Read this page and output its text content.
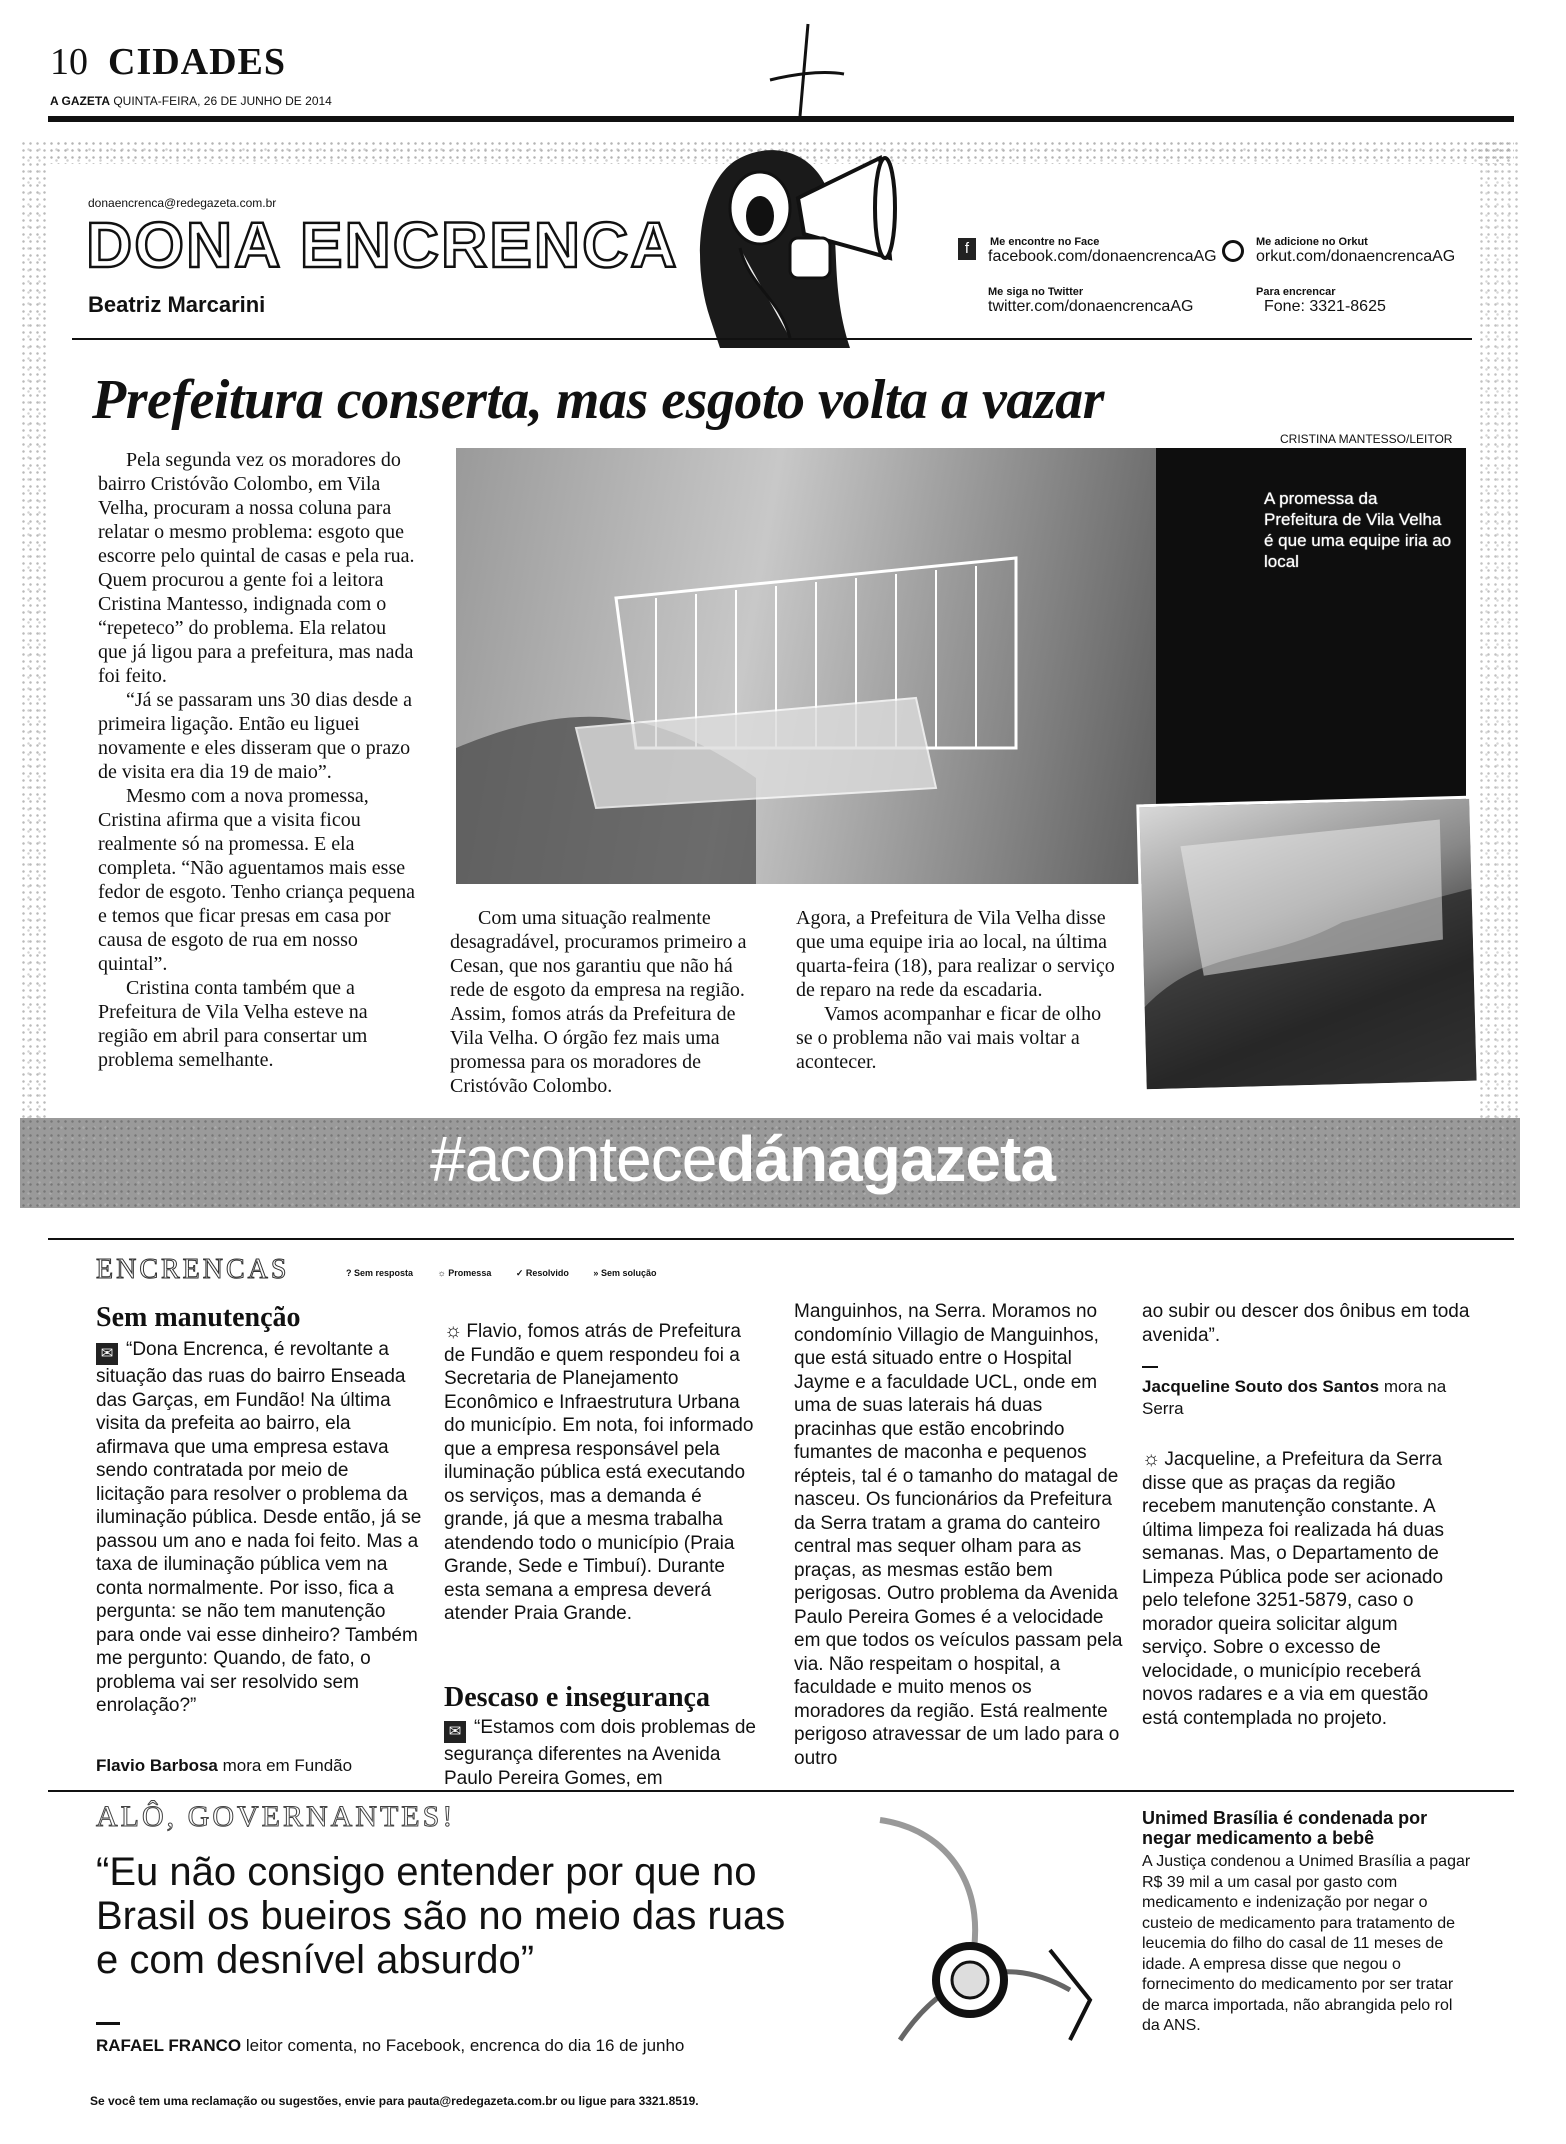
10 CIDADES
A GAZETA QUINTA-FEIRA, 26 DE JUNHO DE 2014
donaencrenca@redegazeta.com.br
DONA ENCRENCA
Beatriz Marcarini
f	Me encontre no Face
facebook.com/donaencrencaAG
Me siga no Twitter
twitter.com/donaencrencaAG
Me adicione no Orkut
orkut.com/donaencrencaAG
Para encrencar
Fone: 3321-8625
Prefeitura conserta, mas esgoto volta a vazar
CRISTINA MANTESSO/LEITOR

Pela segunda vez os moradores do bairro Cristóvão Colombo, em Vila Velha, procuram a nossa coluna para relatar o mesmo problema: esgoto que escorre pelo quintal de casas e pela rua. Quem procurou a gente foi a leitora Cristina Mantesso, indignada com o “repeteco” do problema. Ela relatou que já ligou para a prefeitura, mas nada foi feito.

“Já se passaram uns 30 dias desde a primeira ligação. Então eu liguei novamente e eles disseram que o prazo de visita era dia 19 de maio”.

Mesmo com a nova promessa, Cristina afirma que a visita ficou realmente só na promessa. E ela completa. “Não aguentamos mais esse fedor de esgoto. Tenho criança pequena e temos que ficar presas em casa por causa de esgoto de rua em nosso quintal”.

Cristina conta também que a Prefeitura de Vila Velha esteve na região em abril para consertar um problema semelhante.

A promessa da Prefeitura de Vila Velha é que uma equipe iria ao local

Com uma situação realmente desagradável, procuramos primeiro a Cesan, que nos garantiu que não há rede de esgoto da empresa na região. Assim, fomos atrás da Prefeitura de Vila Velha. O órgão fez mais uma promessa para os moradores de Cristóvão Colombo.

Agora, a Prefeitura de Vila Velha disse que uma equipe iria ao local, na última quarta-feira (18), para realizar o serviço de reparo na rede da escadaria.

Vamos acompanhar e ficar de olho se o problema não vai mais voltar a acontecer.

#acontecedánagazeta
ENCRENCAS	? Sem resposta	☼ Promessa	✓ Resolvido	» Sem solução
Sem manutenção

✉ “Dona Encrenca, é revoltante a situação das ruas do bairro Enseada das Garças, em Fundão! Na última visita da prefeita ao bairro, ela afirmava que uma empresa estava sendo contratada por meio de licitação para resolver o problema da iluminação pública. Desde então, já se passou um ano e nada foi feito. Mas a taxa de iluminação pública vem na conta normalmente. Por isso, fica a pergunta: se não tem manutenção para onde vai esse dinheiro? Também me pergunto: Quando, de fato, o problema vai ser resolvido sem enrolação?”

Flavio Barbosa mora em Fundão

☼ Flavio, fomos atrás de Prefeitura de Fundão e quem respondeu foi a Secretaria de Planejamento Econômico e Infraestrutura Urbana do município. Em nota, foi informado que a empresa responsável pela iluminação pública está executando os serviços, mas a demanda é grande, já que a mesma trabalha atendendo todo o município (Praia Grande, Sede e Timbuí). Durante esta semana a empresa deverá atender Praia Grande.

Descaso e insegurança

✉ “Estamos com dois problemas de segurança diferentes na Avenida Paulo Pereira Gomes, em

Manguinhos, na Serra. Moramos no condomínio Villagio de Manguinhos, que está situado entre o Hospital Jayme e a faculdade UCL, onde em uma de suas laterais há duas pracinhas que estão encobrindo fumantes de maconha e pequenos répteis, tal é o tamanho do matagal de nasceu. Os funcionários da Prefeitura da Serra tratam a grama do canteiro central mas sequer olham para as praças, as mesmas estão bem perigosas. Outro problema da Avenida Paulo Pereira Gomes é a velocidade em que todos os veículos passam pela via. Não respeitam o hospital, a faculdade e muito menos os moradores da região. Está realmente perigoso atravessar de um lado para o outro

ao subir ou descer dos ônibus em toda avenida”.

Jacqueline Souto dos Santos mora na Serra

☼ Jacqueline, a Prefeitura da Serra disse que as praças da região recebem manutenção constante. A última limpeza foi realizada há duas semanas. Mas, o Departamento de Limpeza Pública pode ser acionado pelo telefone 3251-5879, caso o morador queira solicitar algum serviço. Sobre o excesso de velocidade, o município receberá novos radares e a via em questão está contemplada no projeto.

ALÔ, GOVERNANTES!
“Eu não consigo entender por que no Brasil os bueiros são no meio das ruas e com desnível absurdo”
RAFAEL FRANCO leitor comenta, no Facebook, encrenca do dia 16 de junho
Unimed Brasília é condenada por negar medicamento a bebê
A Justiça condenou a Unimed Brasília a pagar R$ 39 mil a um casal por gasto com medicamento e indenização por negar o custeio de medicamento para tratamento de leucemia do filho do casal de 11 meses de idade. A empresa disse que negou o fornecimento do medicamento por ser tratar de marca importada, não abrangida pelo rol da ANS.
Se você tem uma reclamação ou sugestões, envie para pauta@redegazeta.com.br ou ligue para 3321.8519.
